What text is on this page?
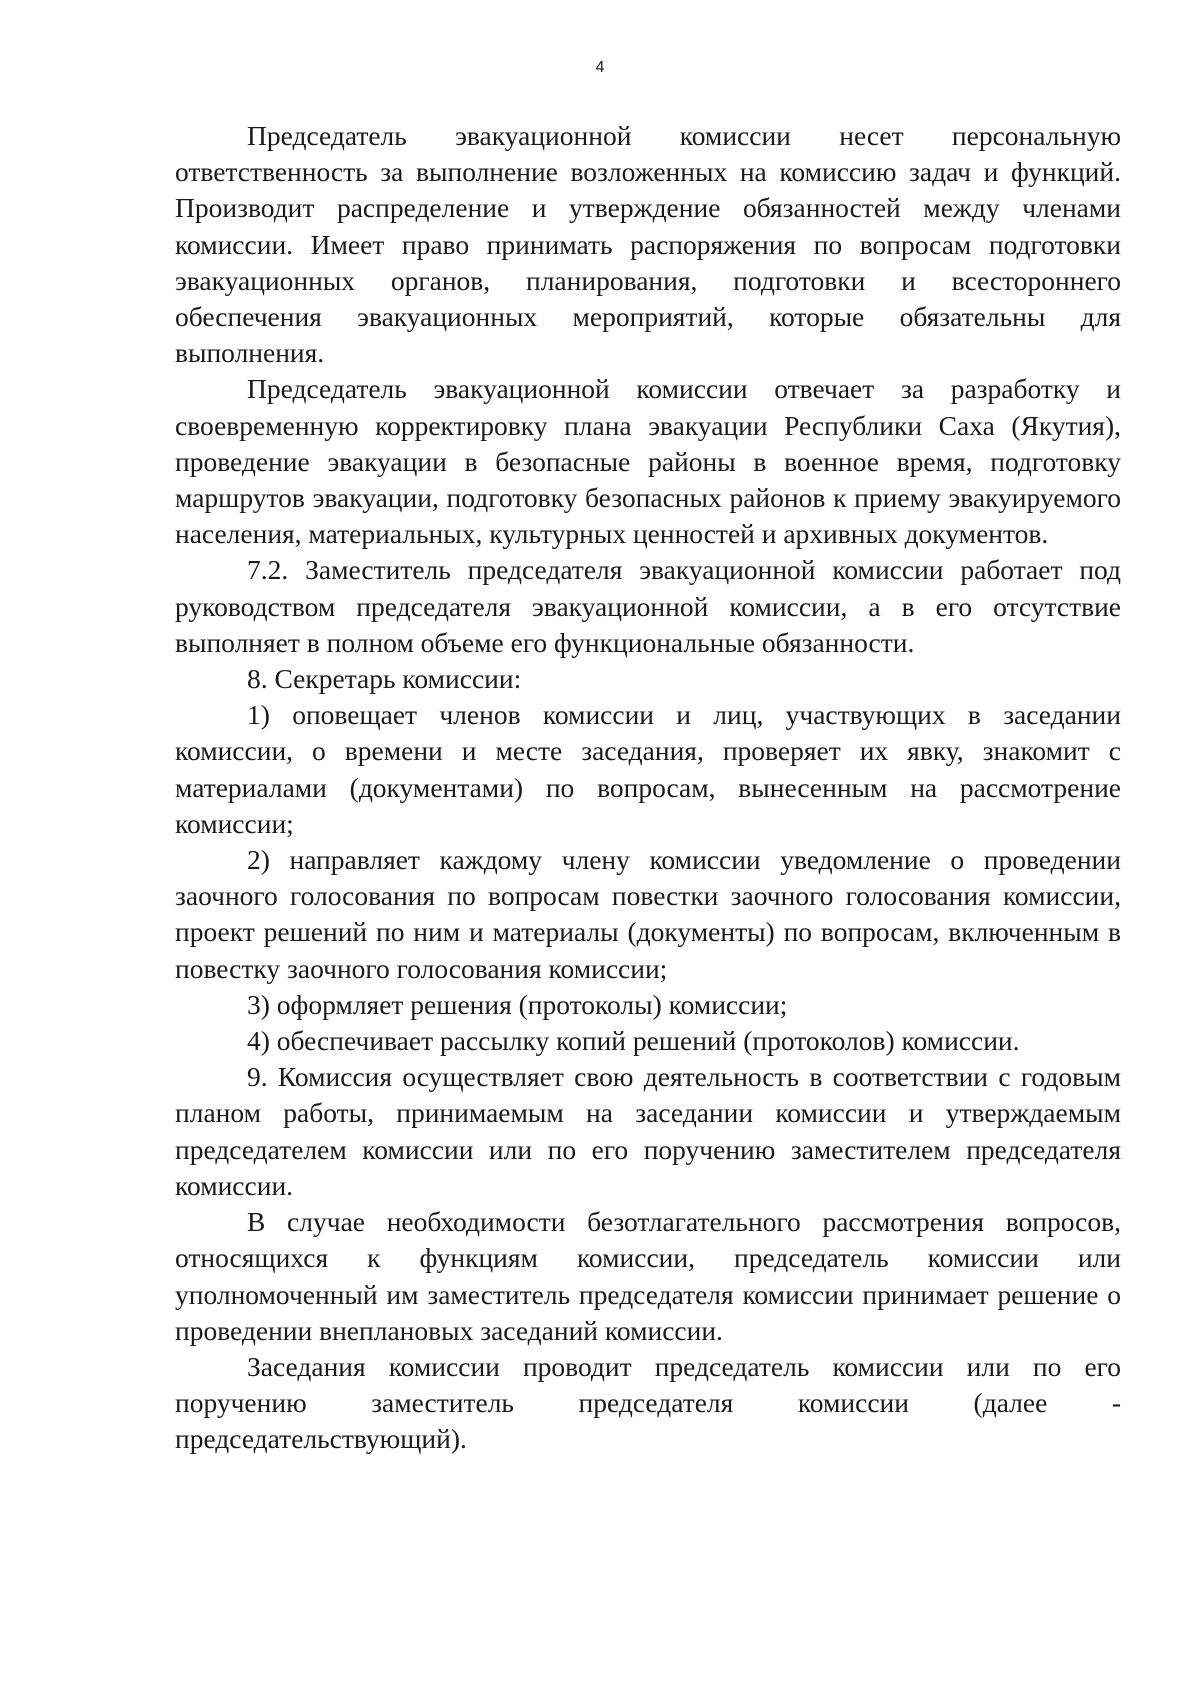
4

Председатель эвакуационной комиссии несет персональную ответственность за выполнение возложенных на комиссию задач и функций. Производит распределение и утверждение обязанностей между членами комиссии. Имеет право принимать распоряжения по вопросам подготовки эвакуационных органов, планирования, подготовки и всестороннего обеспечения эвакуационных мероприятий, которые обязательны для выполнения.

Председатель эвакуационной комиссии отвечает за разработку и своевременную корректировку плана эвакуации Республики Саха (Якутия), проведение эвакуации в безопасные районы в военное время, подготовку маршрутов эвакуации, подготовку безопасных районов к приему эвакуируемого населения, материальных, культурных ценностей и архивных документов.

7.2. Заместитель председателя эвакуационной комиссии работает под руководством председателя эвакуационной комиссии, а в его отсутствие выполняет в полном объеме его функциональные обязанности.

8. Секретарь комиссии:

1) оповещает членов комиссии и лиц, участвующих в заседании комиссии, о времени и месте заседания, проверяет их явку, знакомит с материалами (документами) по вопросам, вынесенным на рассмотрение комиссии;

2) направляет каждому члену комиссии уведомление о проведении заочного голосования по вопросам повестки заочного голосования комиссии, проект решений по ним и материалы (документы) по вопросам, включенным в повестку заочного голосования комиссии;

3) оформляет решения (протоколы) комиссии;

4) обеспечивает рассылку копий решений (протоколов) комиссии.

9. Комиссия осуществляет свою деятельность в соответствии с годовым планом работы, принимаемым на заседании комиссии и утверждаемым председателем комиссии или по его поручению заместителем председателя комиссии.

В случае необходимости безотлагательного рассмотрения вопросов, относящихся к функциям комиссии, председатель комиссии или уполномоченный им заместитель председателя комиссии принимает решение о проведении внеплановых заседаний комиссии.

Заседания комиссии проводит председатель комиссии или по его поручению заместитель председателя комиссии (далее - председательствующий).
